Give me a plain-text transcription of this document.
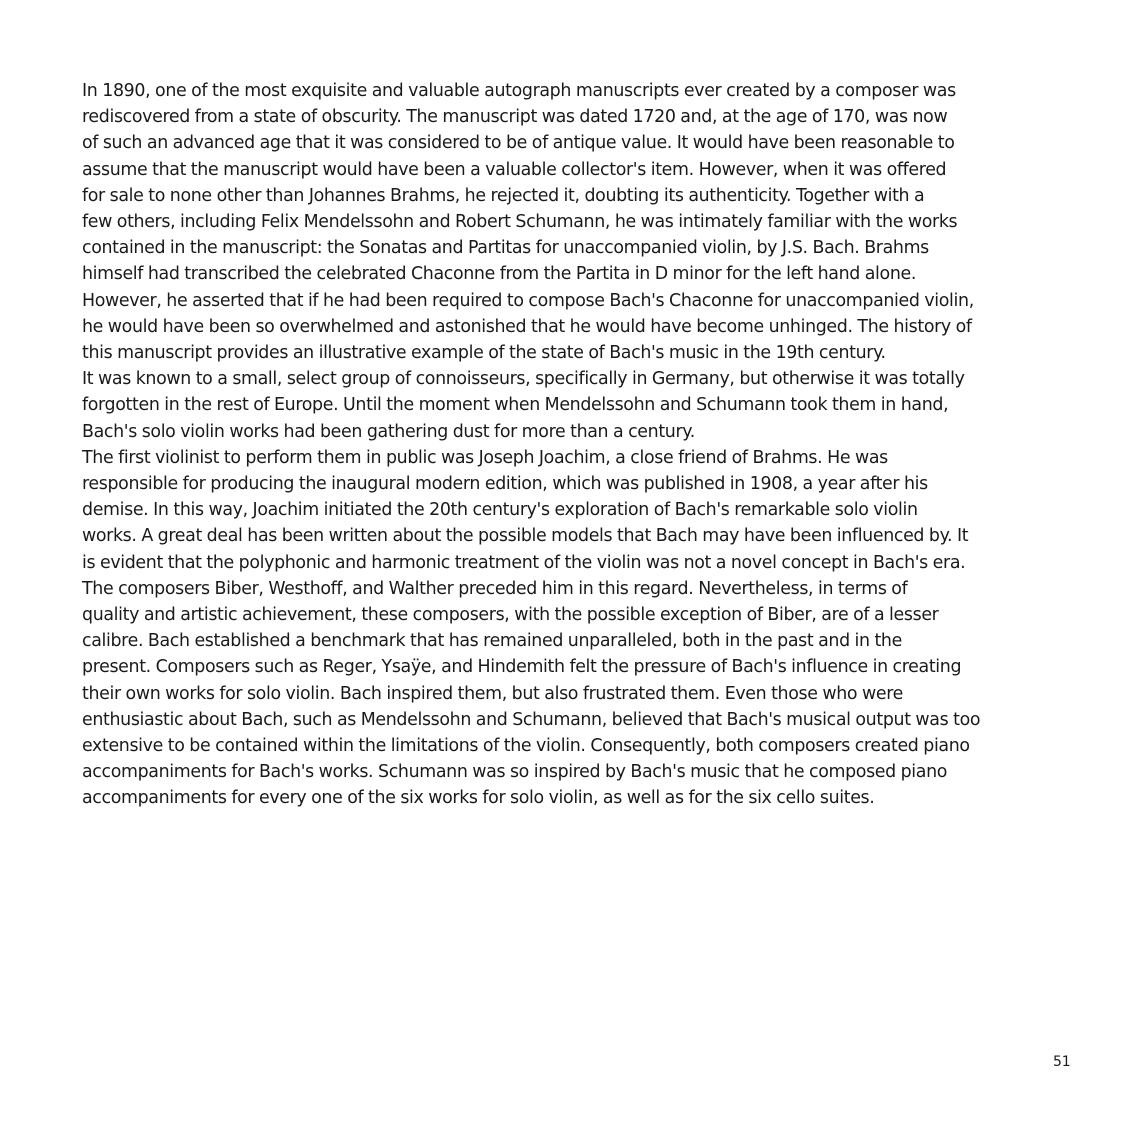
In 1890, one of the most exquisite and valuable autograph manuscripts ever created by a composer was
rediscovered from a state of obscurity. The manuscript was dated 1720 and, at the age of 170, was now
of such an advanced age that it was considered to be of antique value. It would have been reasonable to
assume that the manuscript would have been a valuable collector's item. However, when it was offered
for sale to none other than Johannes Brahms, he rejected it, doubting its authenticity. Together with a
few others, including Felix Mendelssohn and Robert Schumann, he was intimately familiar with the works
contained in the manuscript: the Sonatas and Partitas for unaccompanied violin, by J.S. Bach. Brahms
himself had transcribed the celebrated Chaconne from the Partita in D minor for the left hand alone.
However, he asserted that if he had been required to compose Bach's Chaconne for unaccompanied violin,
he would have been so overwhelmed and astonished that he would have become unhinged. The history of
this manuscript provides an illustrative example of the state of Bach's music in the 19th century.
It was known to a small, select group of connoisseurs, specifically in Germany, but otherwise it was totally
forgotten in the rest of Europe. Until the moment when Mendelssohn and Schumann took them in hand,
Bach's solo violin works had been gathering dust for more than a century.
The first violinist to perform them in public was Joseph Joachim, a close friend of Brahms. He was
responsible for producing the inaugural modern edition, which was published in 1908, a year after his
demise. In this way, Joachim initiated the 20th century's exploration of Bach's remarkable solo violin
works. A great deal has been written about the possible models that Bach may have been influenced by. It
is evident that the polyphonic and harmonic treatment of the violin was not a novel concept in Bach's era.
The composers Biber, Westhoff, and Walther preceded him in this regard. Nevertheless, in terms of
quality and artistic achievement, these composers, with the possible exception of Biber, are of a lesser
calibre. Bach established a benchmark that has remained unparalleled, both in the past and in the
present. Composers such as Reger, Ysaÿe, and Hindemith felt the pressure of Bach's influence in creating
their own works for solo violin. Bach inspired them, but also frustrated them. Even those who were
enthusiastic about Bach, such as Mendelssohn and Schumann, believed that Bach's musical output was too
extensive to be contained within the limitations of the violin. Consequently, both composers created piano
accompaniments for Bach's works. Schumann was so inspired by Bach's music that he composed piano
accompaniments for every one of the six works for solo violin, as well as for the six cello suites.
51
